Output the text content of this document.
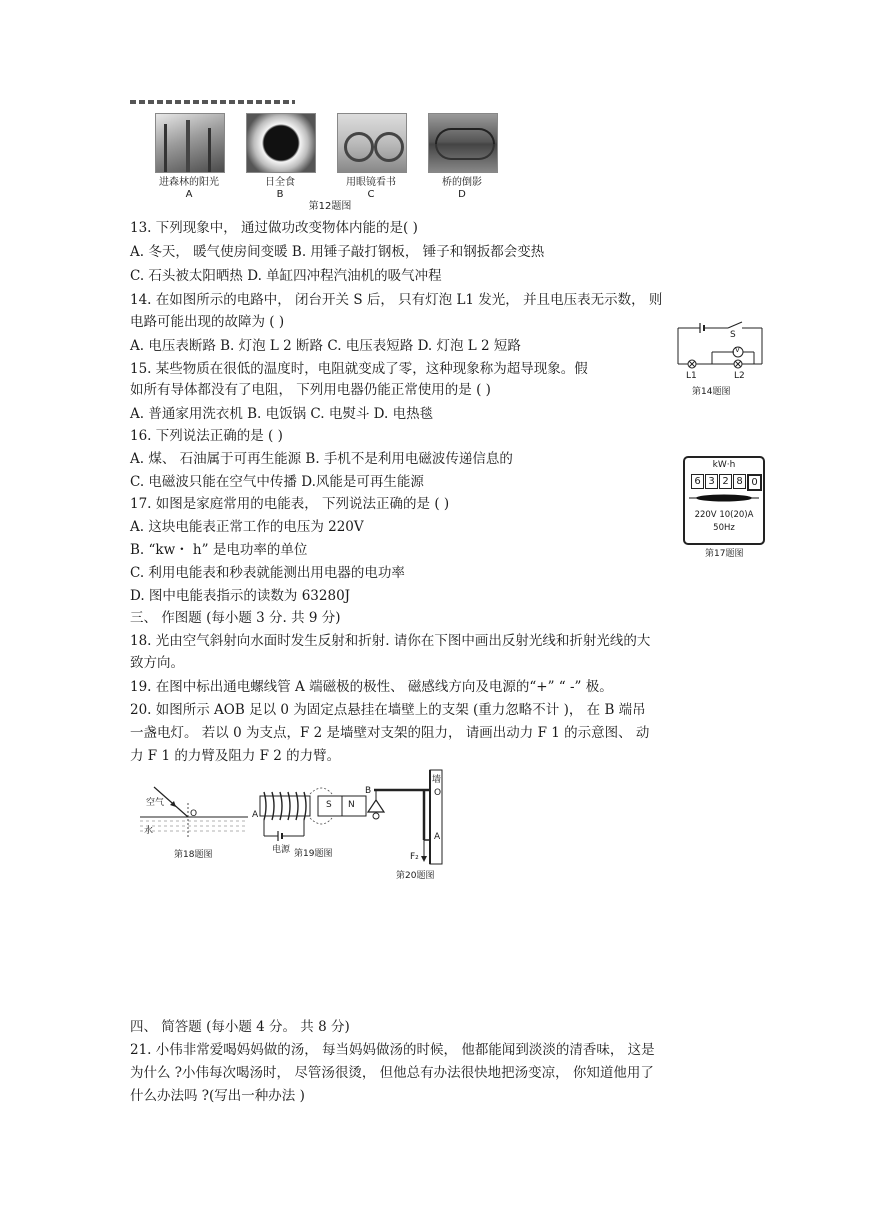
进森林的阳光
A
日全食
B
用眼镜看书
C
桥的倒影
D
第12题图
13. 下列现象中， 通过做功改变物体内能的是( )
A. 冬天， 暖气使房间变暖 B. 用锤子敲打钢板， 锤子和钢扳都会变热
C. 石头被太阳晒热 D. 单缸四冲程汽油机的吸气冲程
14. 在如图所示的电路中， 闭台开关 S 后， 只有灯泡 L1 发光， 并且电压表无示数， 则
电路可能出现的故障为 ( )
A. 电压表断路 B. 灯泡 L 2 断路 C. 电压表短路 D. 灯泡 L 2 短路
S
V
L1	L2
第14题图
15. 某些物质在很低的温度时，电阻就变成了零，这种现象称为超导现象。假
如所有导体都没有了电阻， 下列用电器仍能正常使用的是 ( )
A. 普通家用洗衣机 B. 电饭锅 C. 电熨斗 D. 电热毯
16. 下列说法正确的是 ( )
A. 煤、 石油属于可再生能源 B. 手机不是利用电磁波传递信息的
C. 电磁波只能在空气中传播 D.风能是可再生能源
kW·h
6 3 2 8 0
220V 10(20)A
50Hz
第17题图
17. 如图是家庭常用的电能表， 下列说法正确的是 ( )
A. 这块电能表正常工作的电压为 220V
B. “kw・ h” 是电功率的单位
C. 利用电能表和秒表就能测出用电器的电功率
D. 图中电能表指示的读数为 63280J
三、 作图题 (每小题 3 分. 共 9 分)
18. 光由空气斜射向水面时发生反射和折射. 请你在下图中画出反射光线和折射光线的大
致方向。
19. 在图中标出通电螺线管 A 端磁极的极性、 磁感线方向及电源的“+” “ -” 极。
20. 如图所示 AOB 足以 0 为固定点悬挂在墙壁上的支架 (重力忽略不计 )， 在 B 端吊
一盏电灯。 若以 0 为支点，F 2 是墙壁对支架的阻力， 请画出动力 F 1 的示意图、 动
力 F 1 的力臂及阻力 F 2 的力臂。
空气
水
O
第18题图
A
S N
电源 第19题图
墙
B	O
A
F₂
第20题图
四、 简答题 (每小题 4 分。 共 8 分)
21. 小伟非常爱喝妈妈做的汤， 每当妈妈做汤的时候， 他都能闻到淡淡的清香味， 这是
为什么 ?小伟每次喝汤时， 尽管汤很烫， 但他总有办法很快地把汤变凉， 你知道他用了
什么办法吗 ?(写出一种办法 )
